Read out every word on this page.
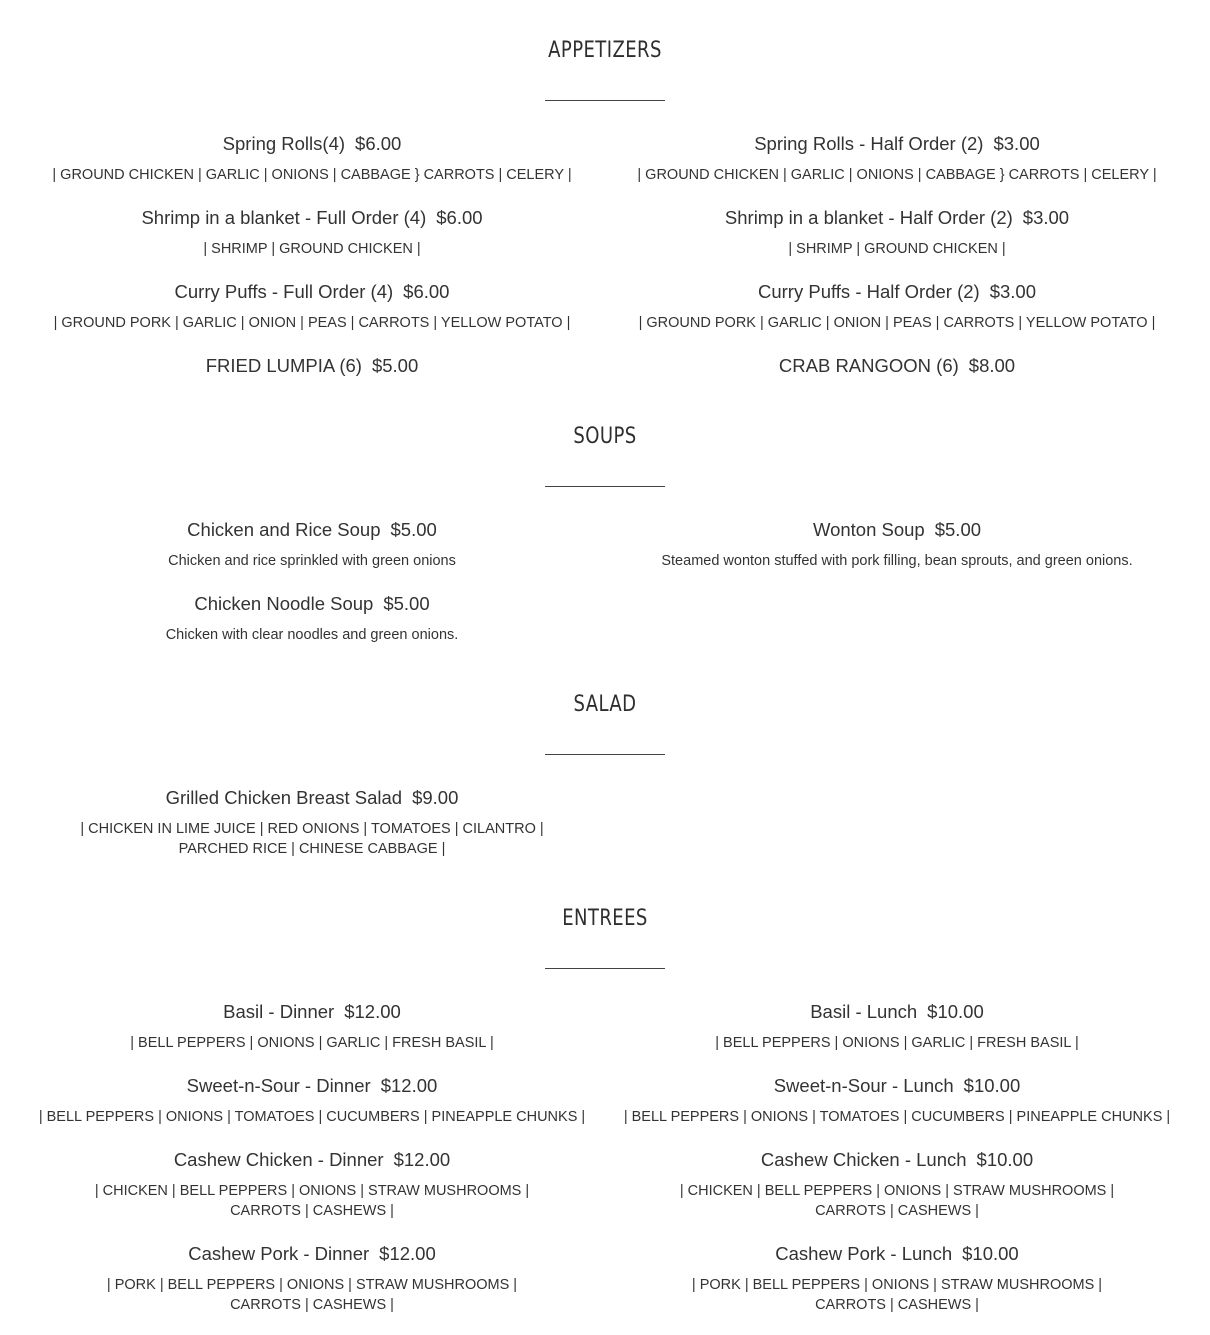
APPETIZERS
Spring Rolls(4) $6.00
| GROUND CHICKEN | GARLIC | ONIONS | CABBAGE } CARROTS | CELERY |
Spring Rolls - Half Order (2) $3.00
| GROUND CHICKEN | GARLIC | ONIONS | CABBAGE } CARROTS | CELERY |
Shrimp in a blanket - Full Order (4) $6.00
| SHRIMP | GROUND CHICKEN |
Shrimp in a blanket - Half Order (2) $3.00
| SHRIMP | GROUND CHICKEN |
Curry Puffs - Full Order (4) $6.00
| GROUND PORK | GARLIC | ONION | PEAS | CARROTS | YELLOW POTATO |
Curry Puffs - Half Order (2) $3.00
| GROUND PORK | GARLIC | ONION | PEAS | CARROTS | YELLOW POTATO |
FRIED LUMPIA (6) $5.00	CRAB RANGOON (6) $8.00
SOUPS
Chicken and Rice Soup $5.00
Chicken and rice sprinkled with green onions
Wonton Soup $5.00
Steamed wonton stuffed with pork filling, bean sprouts, and green onions.
Chicken Noodle Soup $5.00
Chicken with clear noodles and green onions.
SALAD
Grilled Chicken Breast Salad $9.00
| CHICKEN IN LIME JUICE | RED ONIONS | TOMATOES | CILANTRO | PARCHED RICE | CHINESE CABBAGE |
ENTREES
Basil - Dinner $12.00
| BELL PEPPERS | ONIONS | GARLIC | FRESH BASIL |
Basil - Lunch $10.00
| BELL PEPPERS | ONIONS | GARLIC | FRESH BASIL |
Sweet-n-Sour - Dinner $12.00
| BELL PEPPERS | ONIONS | TOMATOES | CUCUMBERS | PINEAPPLE CHUNKS |
Sweet-n-Sour - Lunch $10.00
| BELL PEPPERS | ONIONS | TOMATOES | CUCUMBERS | PINEAPPLE CHUNKS |
Cashew Chicken - Dinner $12.00
| CHICKEN | BELL PEPPERS | ONIONS | STRAW MUSHROOMS | CARROTS | CASHEWS |
Cashew Chicken - Lunch $10.00
| CHICKEN | BELL PEPPERS | ONIONS | STRAW MUSHROOMS | CARROTS | CASHEWS |
Cashew Pork - Dinner $12.00
| PORK | BELL PEPPERS | ONIONS | STRAW MUSHROOMS | CARROTS | CASHEWS |
Cashew Pork - Lunch $10.00
| PORK | BELL PEPPERS | ONIONS | STRAW MUSHROOMS | CARROTS | CASHEWS |
